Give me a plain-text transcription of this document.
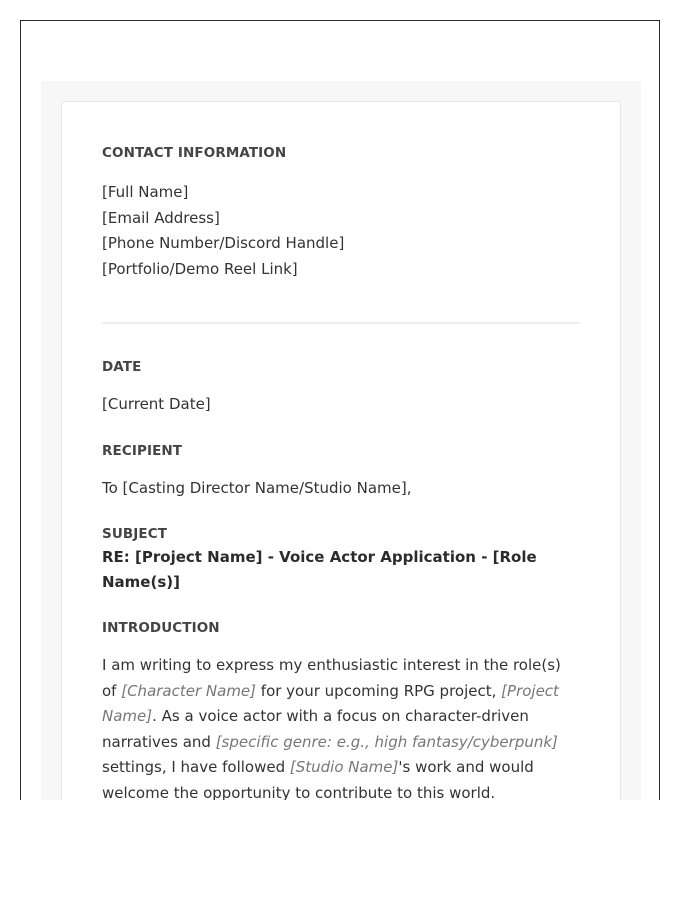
CONTACT INFORMATION

[Full Name]
[Email Address]
[Phone Number/Discord Handle]
[Portfolio/Demo Reel Link]

DATE

[Current Date]

RECIPIENT

To [Casting Director Name/Studio Name],

SUBJECT

RE: [Project Name] - Voice Actor Application - [Role Name(s)]

INTRODUCTION

I am writing to express my enthusiastic interest in the role(s) of [Character Name] for your upcoming RPG project, [Project Name]. As a voice actor with a focus on character-driven narratives and [specific genre: e.g., high fantasy/cyberpunk] settings, I have followed [Studio Name]'s work and would welcome the opportunity to contribute to this world.
